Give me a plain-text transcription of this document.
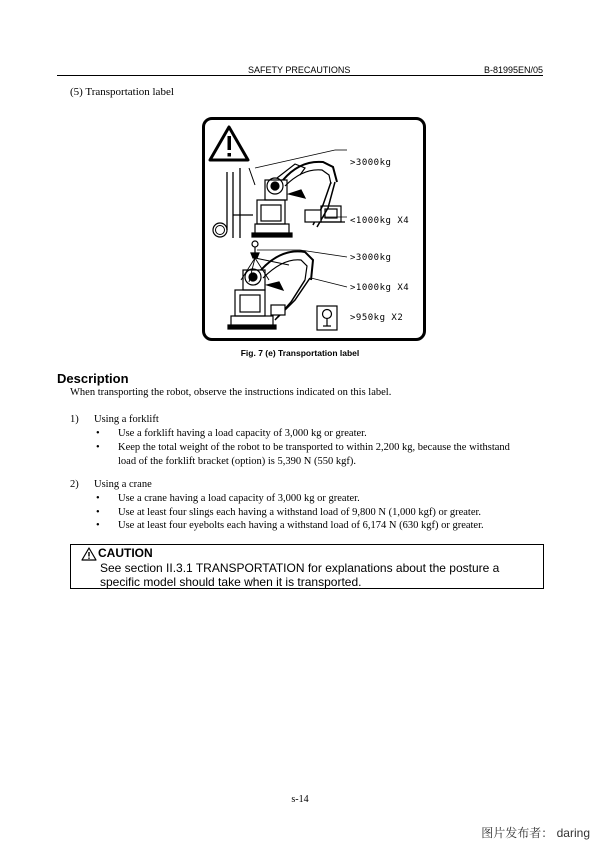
SAFETY PRECAUTIONS	B-81995EN/05
(5) Transportation label
>3000kg
<1000kg X4
>3000kg
>1000kg X4
>950kg X2
Fig. 7 (e) Transportation label
Description
When transporting the robot, observe the instructions indicated on this label.
1) Using a forklift
• Use a forklift having a load capacity of 3,000 kg or greater.
• Keep the total weight of the robot to be transported to within 2,200 kg, because the withstand
load of the forklift bracket (option) is 5,390 N (550 kgf).
2) Using a crane
• Use a crane having a load capacity of 3,000 kg or greater.
• Use at least four slings each having a withstand load of 9,800 N (1,000 kgf) or greater.
• Use at least four eyebolts each having a withstand load of 6,174 N (630 kgf) or greater.
CAUTION
See section II.3.1 TRANSPORTATION for explanations about the posture a
specific model should take when it is transported.
s-14
图片发布者： daring
